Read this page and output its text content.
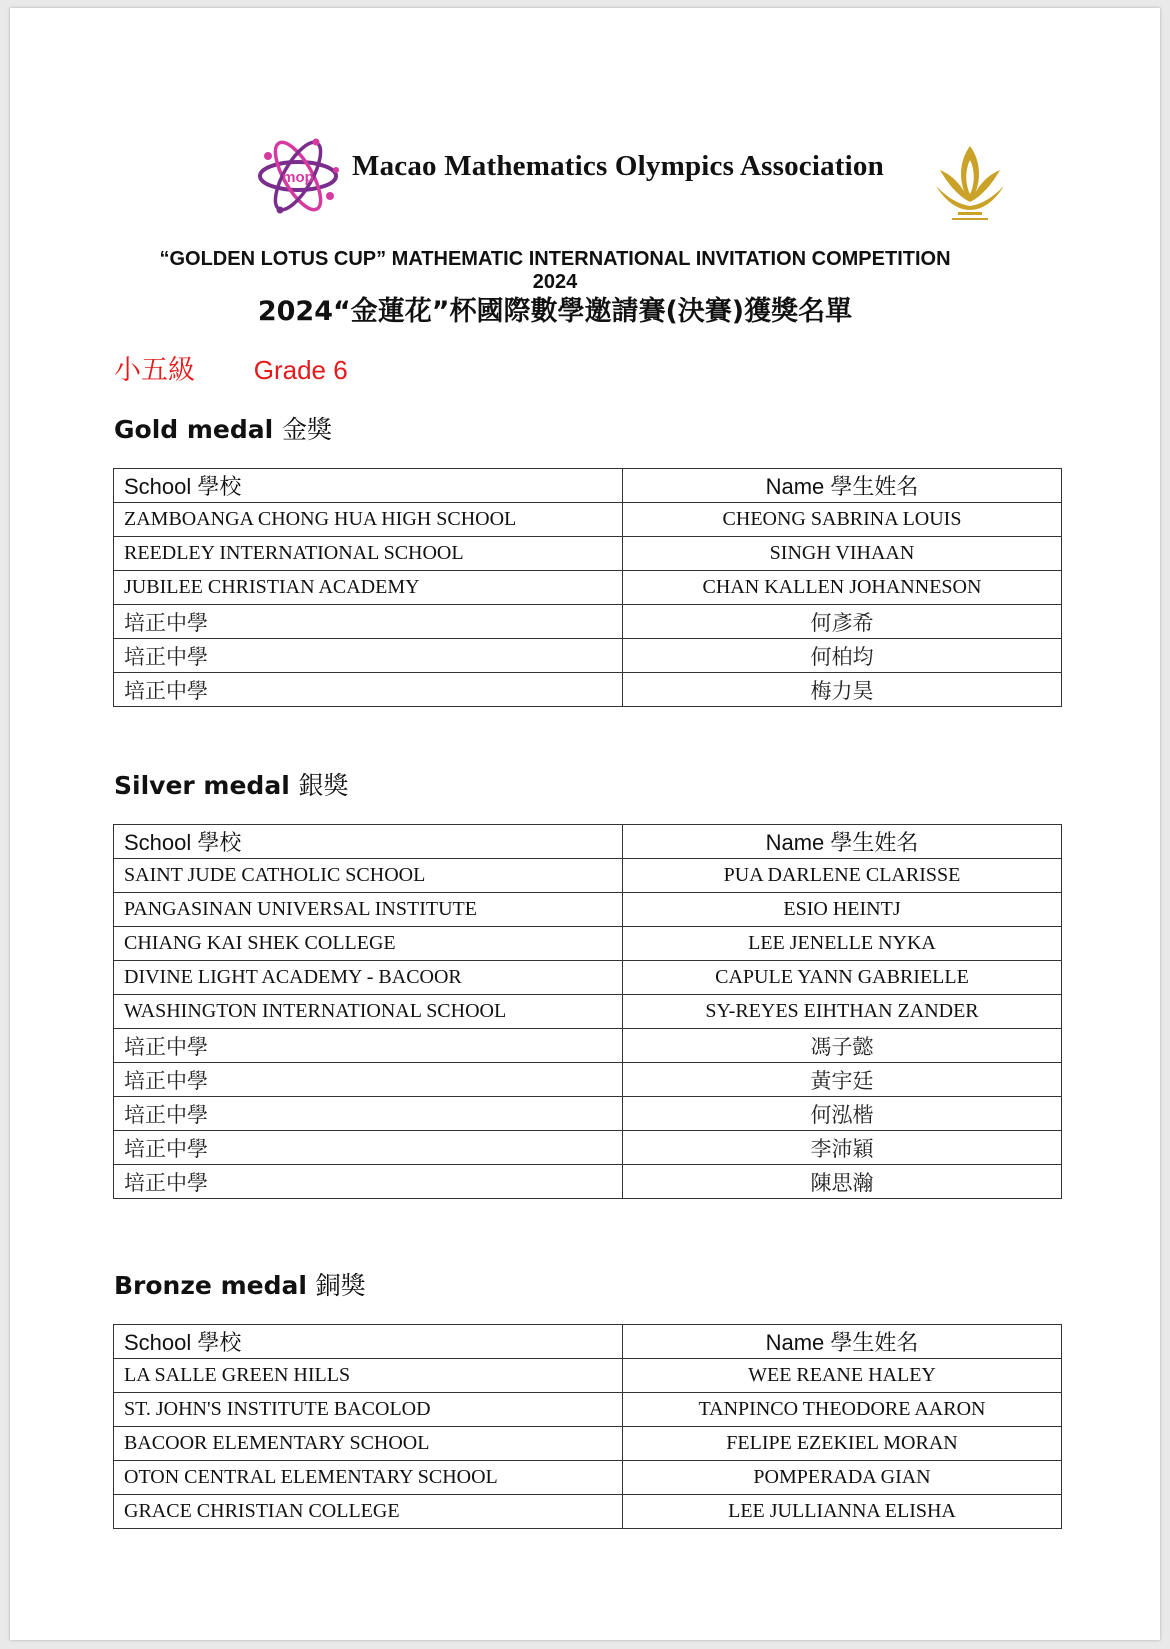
mop Macao Mathematics Olympics Association
“GOLDEN LOTUS CUP” MATHEMATIC INTERNATIONAL INVITATION COMPETITION
2024
2024“金蓮花”杯國際數學邀請賽(決賽)獲獎名單
小五級 Grade 6
Gold medal 金獎
School 學校	Name 學生姓名
ZAMBOANGA CHONG HUA HIGH SCHOOL	CHEONG SABRINA LOUIS
REEDLEY INTERNATIONAL SCHOOL	SINGH VIHAAN
JUBILEE CHRISTIAN ACADEMY	CHAN KALLEN JOHANNESON
培正中學	何彥希
培正中學	何柏均
培正中學	梅力昊
Silver medal 銀獎
School 學校	Name 學生姓名
SAINT JUDE CATHOLIC SCHOOL	PUA DARLENE CLARISSE
PANGASINAN UNIVERSAL INSTITUTE	ESIO HEINTJ
CHIANG KAI SHEK COLLEGE	LEE JENELLE NYKA
DIVINE LIGHT ACADEMY - BACOOR	CAPULE YANN GABRIELLE
WASHINGTON INTERNATIONAL SCHOOL	SY-REYES EIHTHAN ZANDER
培正中學	馮子懿
培正中學	黃宇廷
培正中學	何泓楷
培正中學	李沛穎
培正中學	陳思瀚
Bronze medal 銅獎
School 學校	Name 學生姓名
LA SALLE GREEN HILLS	WEE REANE HALEY
ST. JOHN'S INSTITUTE BACOLOD	TANPINCO THEODORE AARON
BACOOR ELEMENTARY SCHOOL	FELIPE EZEKIEL MORAN
OTON CENTRAL ELEMENTARY SCHOOL	POMPERADA GIAN
GRACE CHRISTIAN COLLEGE	LEE JULLIANNA ELISHA
